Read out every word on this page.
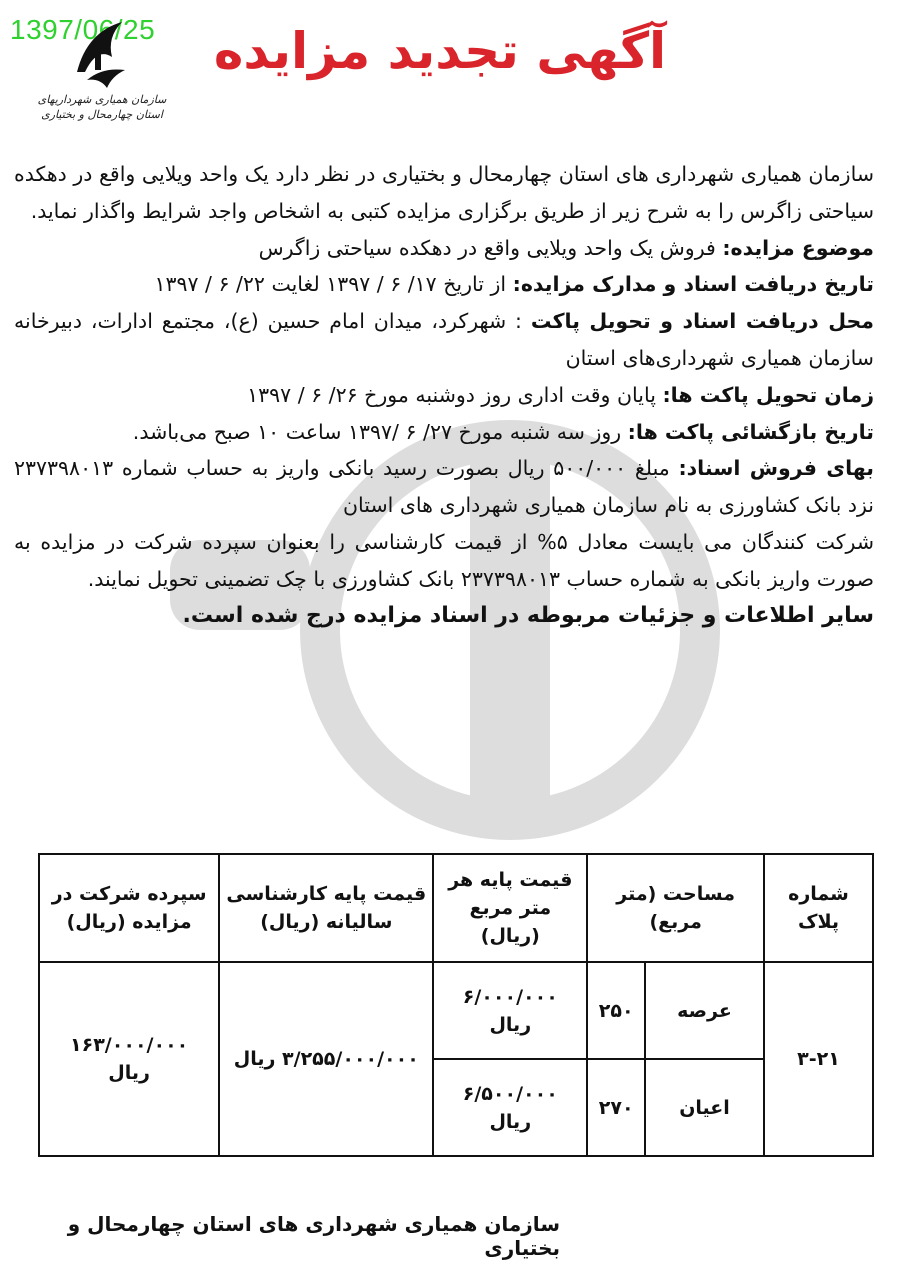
1397/06/25
سازمان همیاری شهرداریهای
استان چهارمحال و بختیاری
آگهی تجدید مزایده

سازمان همیاری شهرداری های استان چهارمحال و بختیاری در نظر دارد یک واحد ویلایی واقع در دهکده سیاحتی زاگرس را به شرح زیر از طریق برگزاری مزایده کتبی به اشخاص واجد شرایط واگذار نماید.

موضوع مزایده: فروش یک واحد ویلایی واقع در دهکده سیاحتی زاگرس

تاریخ دریافت اسناد و مدارک مزایده: از تاریخ ۱۷/ ۶ / ۱۳۹۷ لغایت ۲۲/ ۶ / ۱۳۹۷

محل دریافت اسناد و تحویل پاکت : شهرکرد، میدان امام حسین (ع)، مجتمع ادارات، دبیرخانه سازمان همیاری شهرداری‌های استان

زمان تحویل پاکت ها: پایان وقت اداری روز دوشنبه مورخ ۲۶/ ۶ / ۱۳۹۷

تاریخ بازگشائی پاکت ها: روز سه شنبه مورخ ۲۷/ ۶ /۱۳۹۷ ساعت ۱۰ صبح می‌باشد.

بهای فروش اسناد: مبلغ ۵۰۰/۰۰۰ ریال بصورت رسید بانکی واریز به حساب شماره ۲۳۷۳۹۸۰۱۳ نزد بانک کشاورزی به نام سازمان همیاری شهرداری های استان

شرکت کنندگان می بایست معادل ۵% از قیمت کارشناسی را بعنوان سپرده شرکت در مزایده به صورت واریز بانکی به شماره حساب ۲۳۷۳۹۸۰۱۳ بانک کشاورزی با چک تضمینی تحویل نمایند.

سایر اطلاعات و جزئیات مربوطه در اسناد مزایده درج شده است.

شماره پلاک	مساحت (متر مربع)		قیمت پایه هر متر مربع (ریال)	قیمت پایه کارشناسی سالیانه (ریال)	سپرده شرکت در مزایده (ریال)
۳-۲۱	عرصه	۲۵۰	۶/۰۰۰/۰۰۰ ریال	۳/۲۵۵/۰۰۰/۰۰۰ ریال	۱۶۳/۰۰۰/۰۰۰ ریال
	اعیان	۲۷۰	۶/۵۰۰/۰۰۰ ریال		
سازمان همیاری شهرداری های استان چهارمحال و بختیاری
